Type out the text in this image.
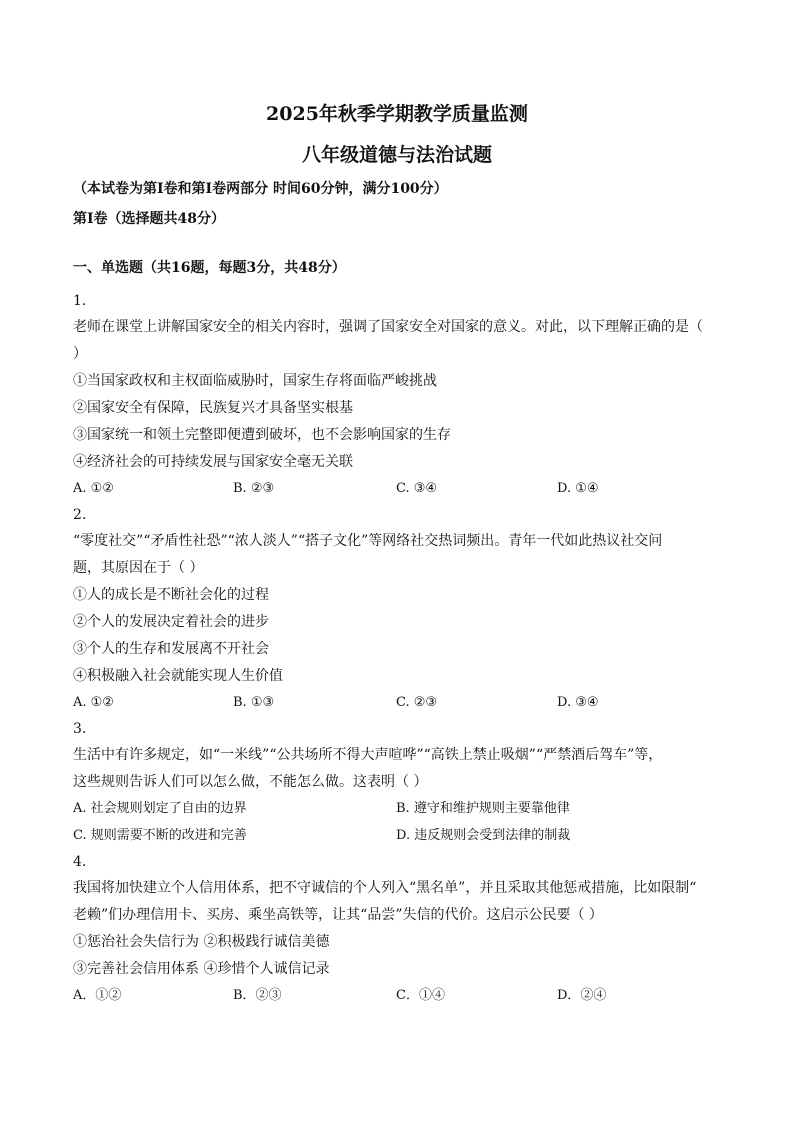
2025年秋季学期教学质量监测
八年级道德与法治试题
（本试卷为第Ⅰ卷和第Ⅰ卷两部分 时间60分钟，满分100分）
第Ⅰ卷（选择题共48分）
一、单选题（共16题，每题3分，共48分）
1.
老师在课堂上讲解国家安全的相关内容时，强调了国家安全对国家的意义。对此，以下理解正确的是（
）
①当国家政权和主权面临威胁时，国家生存将面临严峻挑战
②国家安全有保障，民族复兴才具备坚实根基
③国家统一和领土完整即便遭到破坏，也不会影响国家的生存
④经济社会的可持续发展与国家安全毫无关联
A. ①②	B. ②③	C. ③④	D. ①④
2.
“零度社交”“矛盾性社恐”“浓人淡人”“搭子文化”等网络社交热词频出。青年一代如此热议社交问
题，其原因在于（ ）
①人的成长是不断社会化的过程
②个人的发展决定着社会的进步
③个人的生存和发展离不开社会
④积极融入社会就能实现人生价值
A. ①②	B. ①③	C. ②③	D. ③④
3.
生活中有许多规定，如“一米线”“公共场所不得大声喧哗”“高铁上禁止吸烟”“严禁酒后驾车”等，
这些规则告诉人们可以怎么做，不能怎么做。这表明（ ）
A. 社会规则划定了自由的边界	B. 遵守和维护规则主要靠他律
C. 规则需要不断的改进和完善	D. 违反规则会受到法律的制裁
4.
我国将加快建立个人信用体系，把不守诚信的个人列入“黑名单”，并且采取其他惩戒措施，比如限制“
老赖”们办理信用卡、买房、乘坐高铁等，让其“品尝”失信的代价。这启示公民要（ ）
①惩治社会失信行为 ②积极践行诚信美德
③完善社会信用体系 ④珍惜个人诚信记录
A．①②	B．②③	C．①④	D．②④
